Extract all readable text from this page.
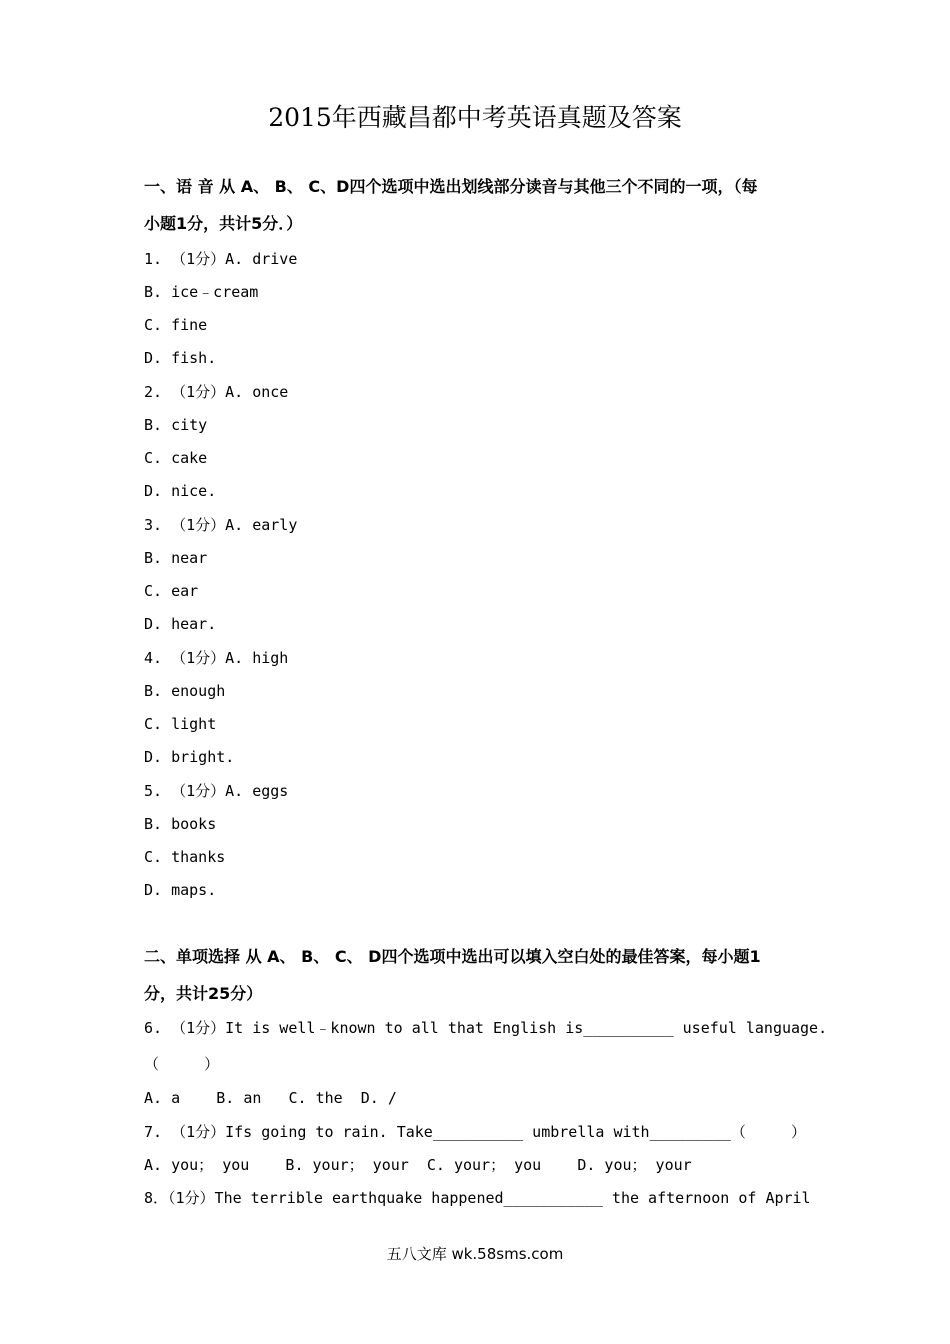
2015年西藏昌都中考英语真题及答案
一、语 音 从 A、 B、 C、D四个选项中选出划线部分读音与其他三个不同的一项，（每
小题1分，共计5分．）
1. （1分）A. drive
B. ice﹣cream
C. fine
D. fish.
2. （1分）A. once
B. city
C. cake
D. nice.
3. （1分）A. early
B. near
C. ear
D. hear.
4. （1分）A. high
B. enough
C. light
D. bright.
5. （1分）A. eggs
B. books
C. thanks
D. maps.
二、单项选择 从 A、 B、 C、 D四个选项中选出可以填入空白处的最佳答案，每小题1
分，共计25分）
6. （1分）It is well﹣known to all that English is__________ useful language.
（     ）
A. a    B. an   C. the  D. /
7. （1分）Ifs going to rain. Take__________ umbrella with_________（     ）
A. you； you    B. your； your  C. your； you    D. you； your
8．（1分）The terrible earthquake happened___________ the afternoon of April
五八文库 wk.58sms.com
